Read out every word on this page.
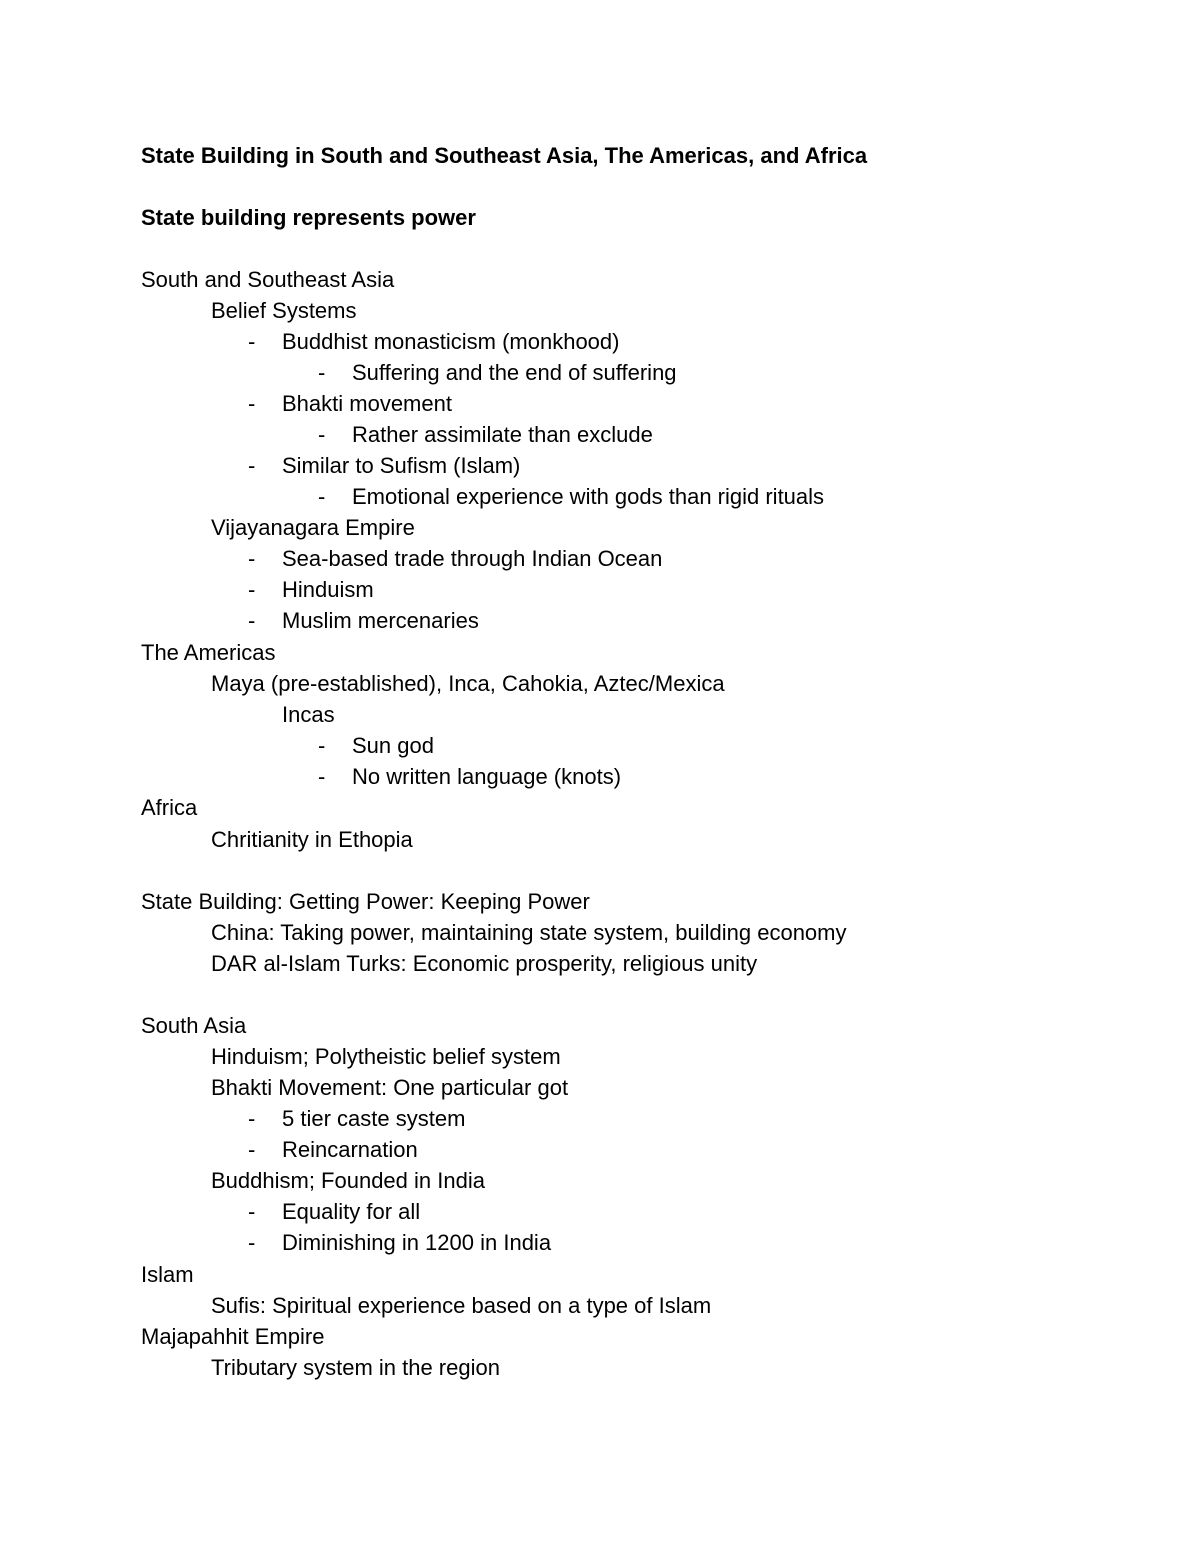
State Building in South and Southeast Asia, The Americas, and Africa
State building represents power
South and Southeast Asia
Belief Systems
- Buddhist monasticism (monkhood)
- Suffering and the end of suffering
- Bhakti movement
- Rather assimilate than exclude
- Similar to Sufism (Islam)
- Emotional experience with gods than rigid rituals
Vijayanagara Empire
- Sea-based trade through Indian Ocean
- Hinduism
- Muslim mercenaries
The Americas
Maya (pre-established), Inca, Cahokia, Aztec/Mexica
Incas
- Sun god
- No written language (knots)
Africa
Chritianity in Ethopia
State Building: Getting Power: Keeping Power
China: Taking power, maintaining state system, building economy
DAR al-Islam Turks: Economic prosperity, religious unity
South Asia
Hinduism; Polytheistic belief system
Bhakti Movement: One particular got
- 5 tier caste system
- Reincarnation
Buddhism; Founded in India
- Equality for all
- Diminishing in 1200 in India
Islam
Sufis: Spiritual experience based on a type of Islam
Majapahhit Empire
Tributary system in the region
